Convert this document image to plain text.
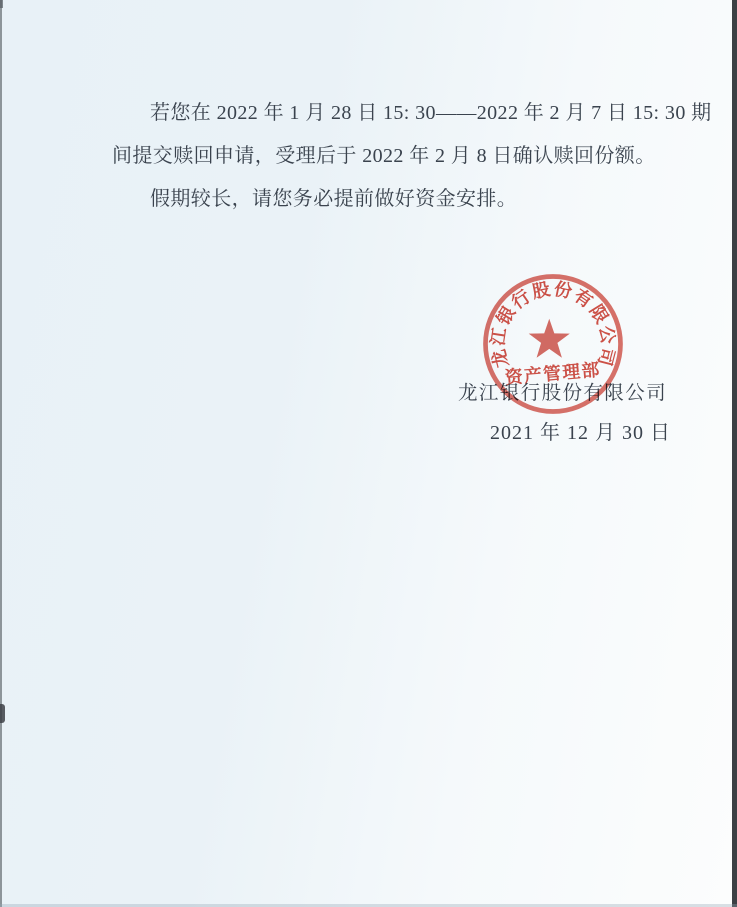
若您在 2022 年 1 月 28 日 15: 30——2022 年 2 月 7 日 15: 30 期
间提交赎回申请，受理后于 2022 年 2 月 8 日确认赎回份额。
假期较长，请您务必提前做好资金安排。
龙江银行股份有限公司
2021 年 12 月 30 日
龙江银行股份有限公司
资产管理部
